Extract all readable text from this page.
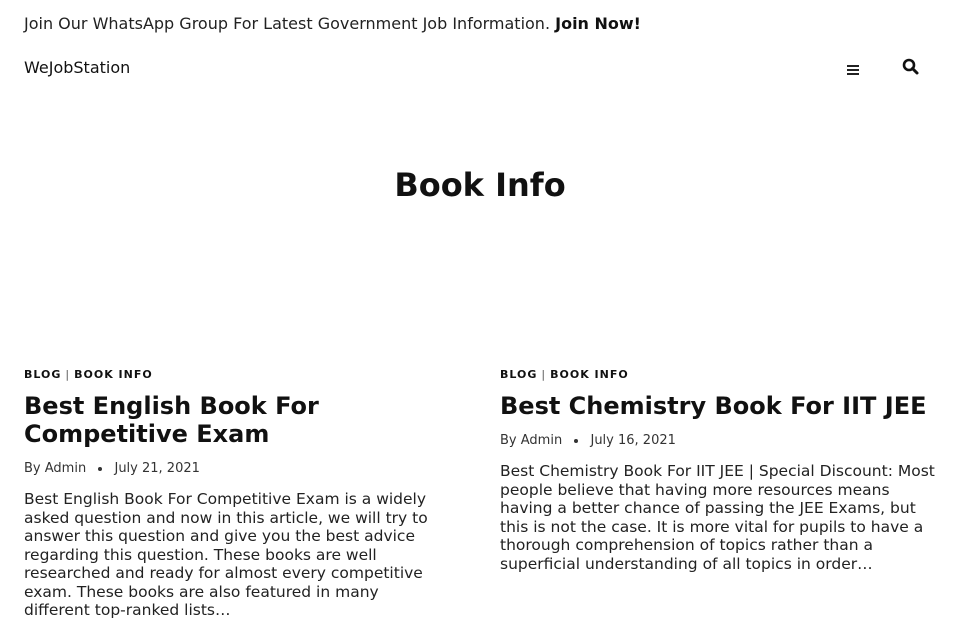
Join Our WhatsApp Group For Latest Government Job Information. Join Now!
WeJobStation
Book Info
BLOG | BOOK INFO
Best English Book For Competitive Exam
By Admin July 21, 2021
Best English Book For Competitive Exam is a widely asked question and now in this article, we will try to answer this question and give you the best advice regarding this question. These books are well researched and ready for almost every competitive exam. These books are also featured in many different top-ranked lists…
BLOG | BOOK INFO
Best Chemistry Book For IIT JEE
By Admin July 16, 2021
Best Chemistry Book For IIT JEE | Special Discount: Most people believe that having more resources means having a better chance of passing the JEE Exams, but this is not the case. It is more vital for pupils to have a thorough comprehension of topics rather than a superficial understanding of all topics in order…
